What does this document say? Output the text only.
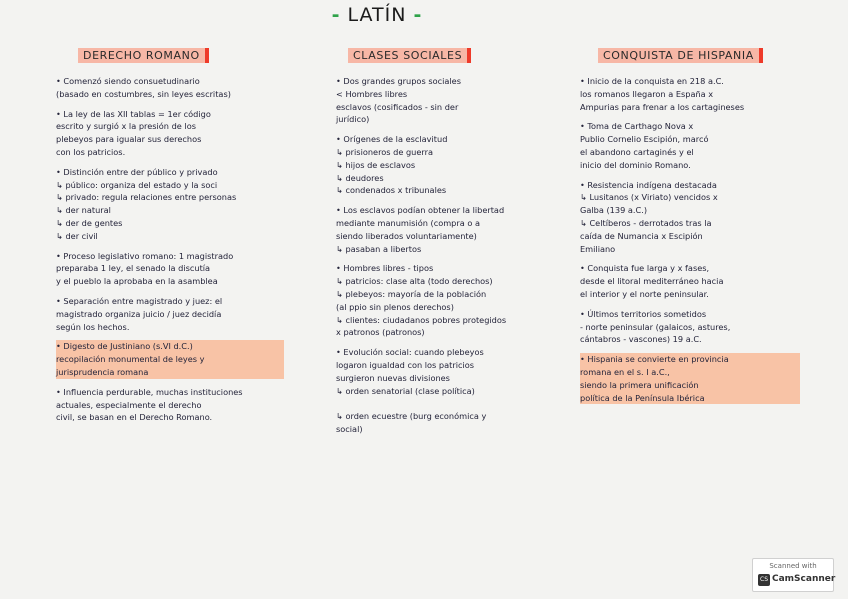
- LATÍN -
DERECHO ROMANO

• Comenzó siendo consuetudinario
(basado en costumbres, sin leyes escritas)

• La ley de las XII tablas = 1er código
escrito y surgió x la presión de los
plebeyos para igualar sus derechos
con los patricios.

• Distinción entre der público y privado
↳ público: organiza del estado y la soci
↳ privado: regula relaciones entre personas
↳ der natural
↳ der de gentes
↳ der civil

• Proceso legislativo romano: 1 magistrado
preparaba 1 ley, el senado la discutía
y el pueblo la aprobaba en la asamblea

• Separación entre magistrado y juez: el
magistrado organiza juicio / juez decidía
según los hechos.

• Digesto de Justiniano (s.VI d.C.)
recopilación monumental de leyes y
jurisprudencia romana

• Influencia perdurable, muchas instituciones
actuales, especialmente el derecho
civil, se basan en el Derecho Romano.

CLASES SOCIALES

• Dos grandes grupos sociales
< Hombres libres
esclavos (cosificados - sin der
jurídico)

• Orígenes de la esclavitud
↳ prisioneros de guerra
↳ hijos de esclavos
↳ deudores
↳ condenados x tribunales

• Los esclavos podían obtener la libertad
mediante manumisión (compra o a
siendo liberados voluntariamente)
↳ pasaban a libertos

• Hombres libres - tipos
↳ patricios: clase alta (todo derechos)
↳ plebeyos: mayoría de la población
(al ppio sin plenos derechos)
↳ clientes: ciudadanos pobres protegidos
x patronos (patronos)

• Evolución social: cuando plebeyos
logaron igualdad con los patricios
surgieron nuevas divisiones
↳ orden senatorial (clase política)

↳ orden ecuestre (burg económica y
social)

CONQUISTA DE HISPANIA

• Inicio de la conquista en 218 a.C.
los romanos llegaron a España x
Ampurias para frenar a los cartagineses

• Toma de Carthago Nova x
Publio Cornelio Escipión, marcó
el abandono cartaginés y el
inicio del dominio Romano.

• Resistencia indígena destacada
↳ Lusitanos (x Viriato) vencidos x
Galba (139 a.C.)
↳ Celtíberos - derrotados tras la
caída de Numancia x Escipión
Emiliano

• Conquista fue larga y x fases,
desde el litoral mediterráneo hacia
el interior y el norte peninsular.

• Últimos territorios sometidos
- norte peninsular (galaicos, astures,
cántabros - vascones) 19 a.C.

• Hispania se convierte en provincia
romana en el s. I a.C.,
siendo la primera unificación
política de la Península Ibérica

Scanned with
CS CamScanner
